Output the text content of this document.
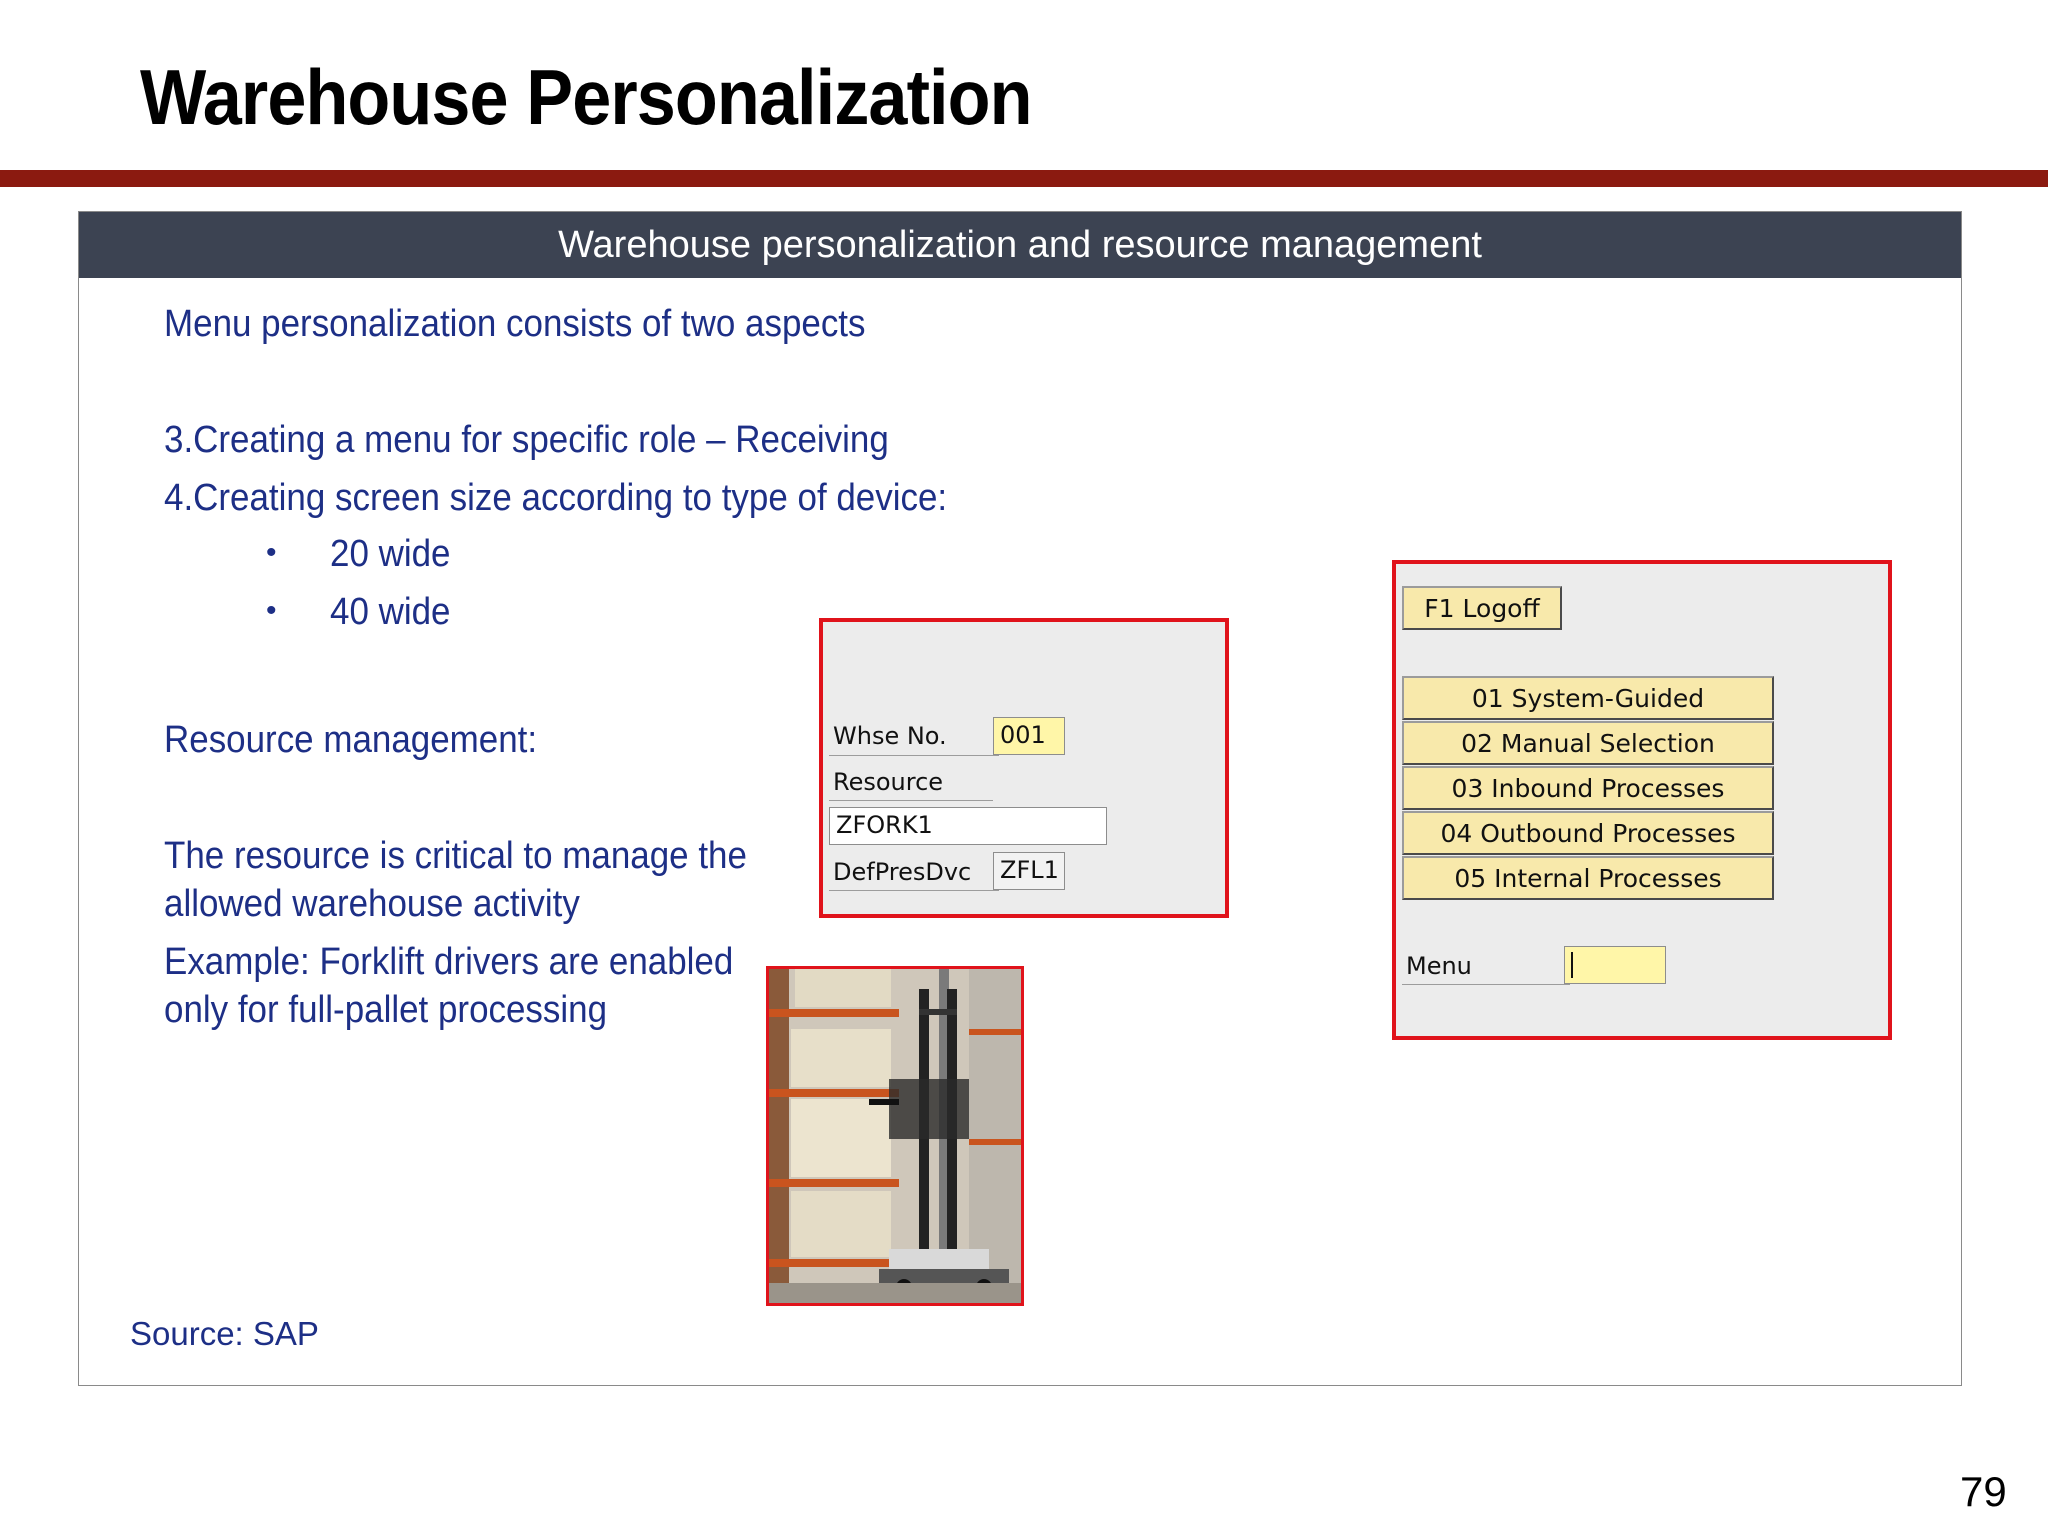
Warehouse Personalization
Warehouse personalization and resource management
Menu personalization consists of two aspects
3.Creating a menu for specific role – Receiving
4.Creating screen size according to type of device:
• 20 wide
• 40 wide
Resource management:
The resource is critical to manage the
allowed warehouse activity
Example: Forklift drivers are enabled
only for full-pallet processing
Source: SAP
Whse No. 001
Resource
ZFORK1
DefPresDvc ZFL1
F1 Logoff
01 System-Guided
02 Manual Selection
03 Inbound Processes
04 Outbound Processes
05 Internal Processes
Menu
79
